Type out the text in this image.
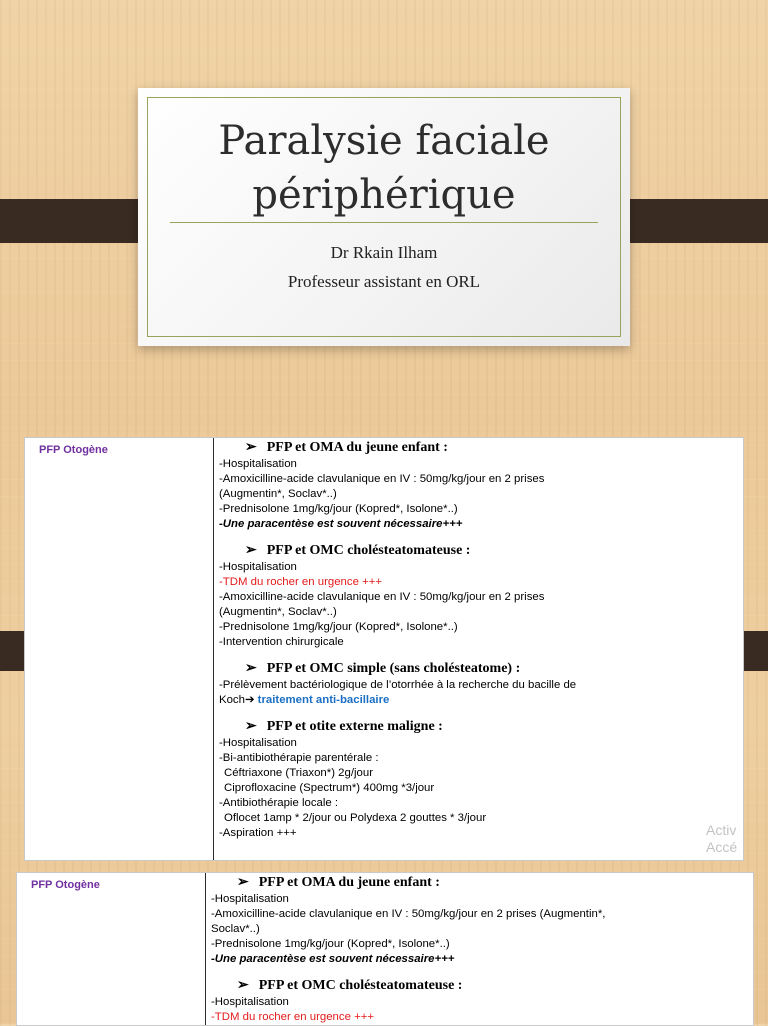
Paralysie faciale
périphérique
Dr Rkain Ilham
Professeur assistant en ORL
PFP Otogène	➢ PFP et OMA du jeune enfant :
-Hospitalisation
-Amoxicilline-acide clavulanique en IV : 50mg/kg/jour en 2 prises
(Augmentin*, Soclav*..)
-Prednisolone 1mg/kg/jour (Kopred*, Isolone*..)
-Une paracentèse est souvent nécessaire+++
➢ PFP et OMC cholésteatomateuse :
-Hospitalisation
-TDM du rocher en urgence +++
-Amoxicilline-acide clavulanique en IV : 50mg/kg/jour en 2 prises
(Augmentin*, Soclav*..)
-Prednisolone 1mg/kg/jour (Kopred*, Isolone*..)
-Intervention chirurgicale
➢ PFP et OMC simple (sans cholésteatome) :
-Prélèvement bactériologique de l’otorrhée à la recherche du bacille de
Koch➔ traitement anti-bacillaire
➢ PFP et otite externe maligne :
-Hospitalisation
-Bi-antibiothérapie parentérale :
Céftriaxone (Triaxon*) 2g/jour
Ciprofloxacine (Spectrum*) 400mg *3/jour
-Antibiothérapie locale :
Oflocet 1amp * 2/jour ou Polydexa 2 gouttes * 3/jour
-Aspiration +++	Activ
Accé
PFP Otogène	➢ PFP et OMA du jeune enfant :
-Hospitalisation
-Amoxicilline-acide clavulanique en IV : 50mg/kg/jour en 2 prises (Augmentin*,
Soclav*..)
-Prednisolone 1mg/kg/jour (Kopred*, Isolone*..)
-Une paracentèse est souvent nécessaire+++
➢ PFP et OMC cholésteatomateuse :
-Hospitalisation
-TDM du rocher en urgence +++
